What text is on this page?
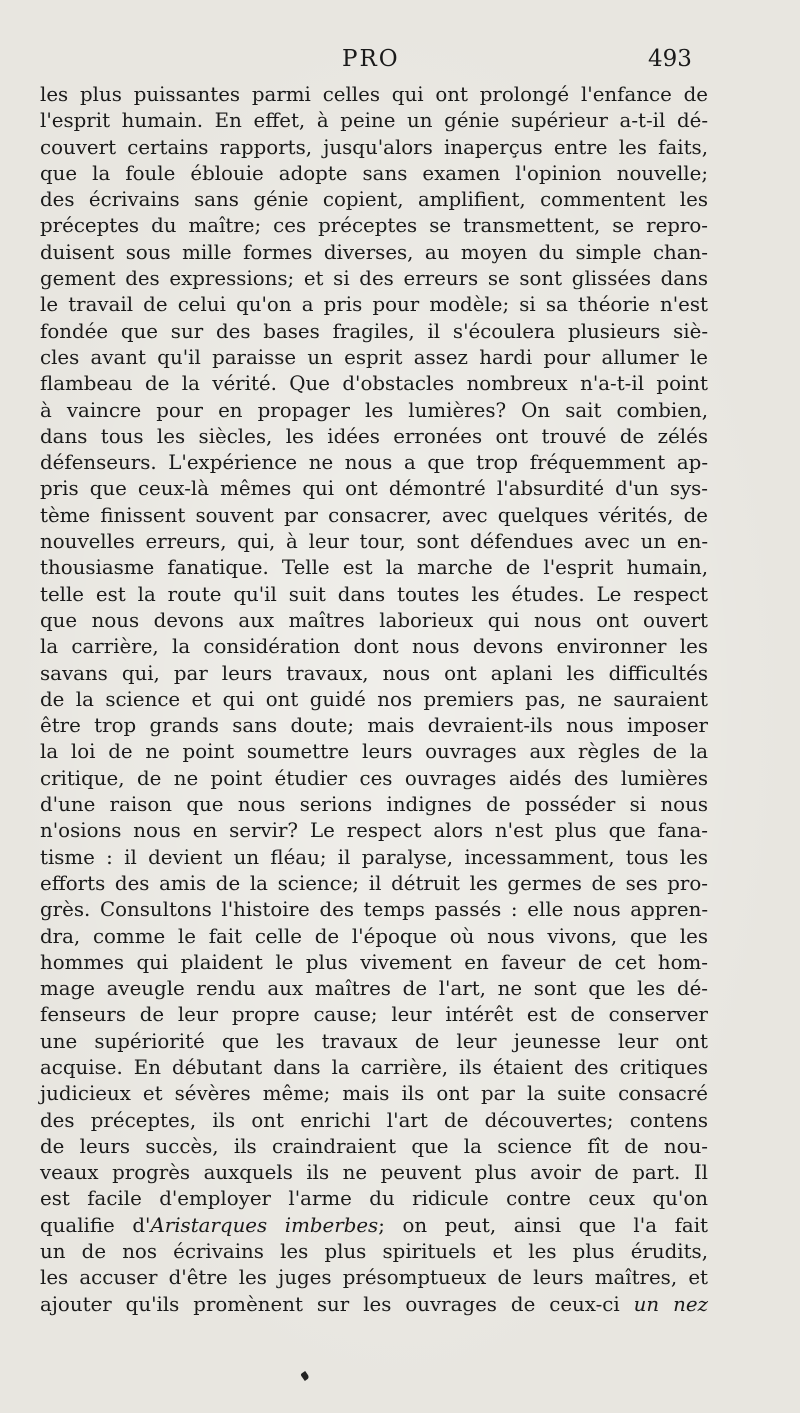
PRO	493
les plus puissantes parmi celles qui ont prolongé l'enfance de
l'esprit humain. En effet, à peine un génie supérieur a-t-il dé-
couvert certains rapports, jusqu'alors inaperçus entre les faits,
que la foule éblouie adopte sans examen l'opinion nouvelle;
des écrivains sans génie copient, amplifient, commentent les
préceptes du maître; ces préceptes se transmettent, se repro-
duisent sous mille formes diverses, au moyen du simple chan-
gement des expressions; et si des erreurs se sont glissées dans
le travail de celui qu'on a pris pour modèle; si sa théorie n'est
fondée que sur des bases fragiles, il s'écoulera plusieurs siè-
cles avant qu'il paraisse un esprit assez hardi pour allumer le
flambeau de la vérité. Que d'obstacles nombreux n'a-t-il point
à vaincre pour en propager les lumières? On sait combien,
dans tous les siècles, les idées erronées ont trouvé de zélés
défenseurs. L'expérience ne nous a que trop fréquemment ap-
pris que ceux-là mêmes qui ont démontré l'absurdité d'un sys-
tème finissent souvent par consacrer, avec quelques vérités, de
nouvelles erreurs, qui, à leur tour, sont défendues avec un en-
thousiasme fanatique. Telle est la marche de l'esprit humain,
telle est la route qu'il suit dans toutes les études. Le respect
que nous devons aux maîtres laborieux qui nous ont ouvert
la carrière, la considération dont nous devons environner les
savans qui, par leurs travaux, nous ont aplani les difficultés
de la science et qui ont guidé nos premiers pas, ne sauraient
être trop grands sans doute; mais devraient-ils nous imposer
la loi de ne point soumettre leurs ouvrages aux règles de la
critique, de ne point étudier ces ouvrages aidés des lumières
d'une raison que nous serions indignes de posséder si nous
n'osions nous en servir? Le respect alors n'est plus que fana-
tisme : il devient un fléau; il paralyse, incessamment, tous les
efforts des amis de la science; il détruit les germes de ses pro-
grès. Consultons l'histoire des temps passés : elle nous appren-
dra, comme le fait celle de l'époque où nous vivons, que les
hommes qui plaident le plus vivement en faveur de cet hom-
mage aveugle rendu aux maîtres de l'art, ne sont que les dé-
fenseurs de leur propre cause; leur intérêt est de conserver
une supériorité que les travaux de leur jeunesse leur ont
acquise. En débutant dans la carrière, ils étaient des critiques
judicieux et sévères même; mais ils ont par la suite consacré
des préceptes, ils ont enrichi l'art de découvertes; contens
de leurs succès, ils craindraient que la science fît de nou-
veaux progrès auxquels ils ne peuvent plus avoir de part. Il
est facile d'employer l'arme du ridicule contre ceux qu'on
qualifie d'Aristarques imberbes; on peut, ainsi que l'a fait
un de nos écrivains les plus spirituels et les plus érudits,
les accuser d'être les juges présomptueux de leurs maîtres, et
ajouter qu'ils promènent sur les ouvrages de ceux-ci un nez
